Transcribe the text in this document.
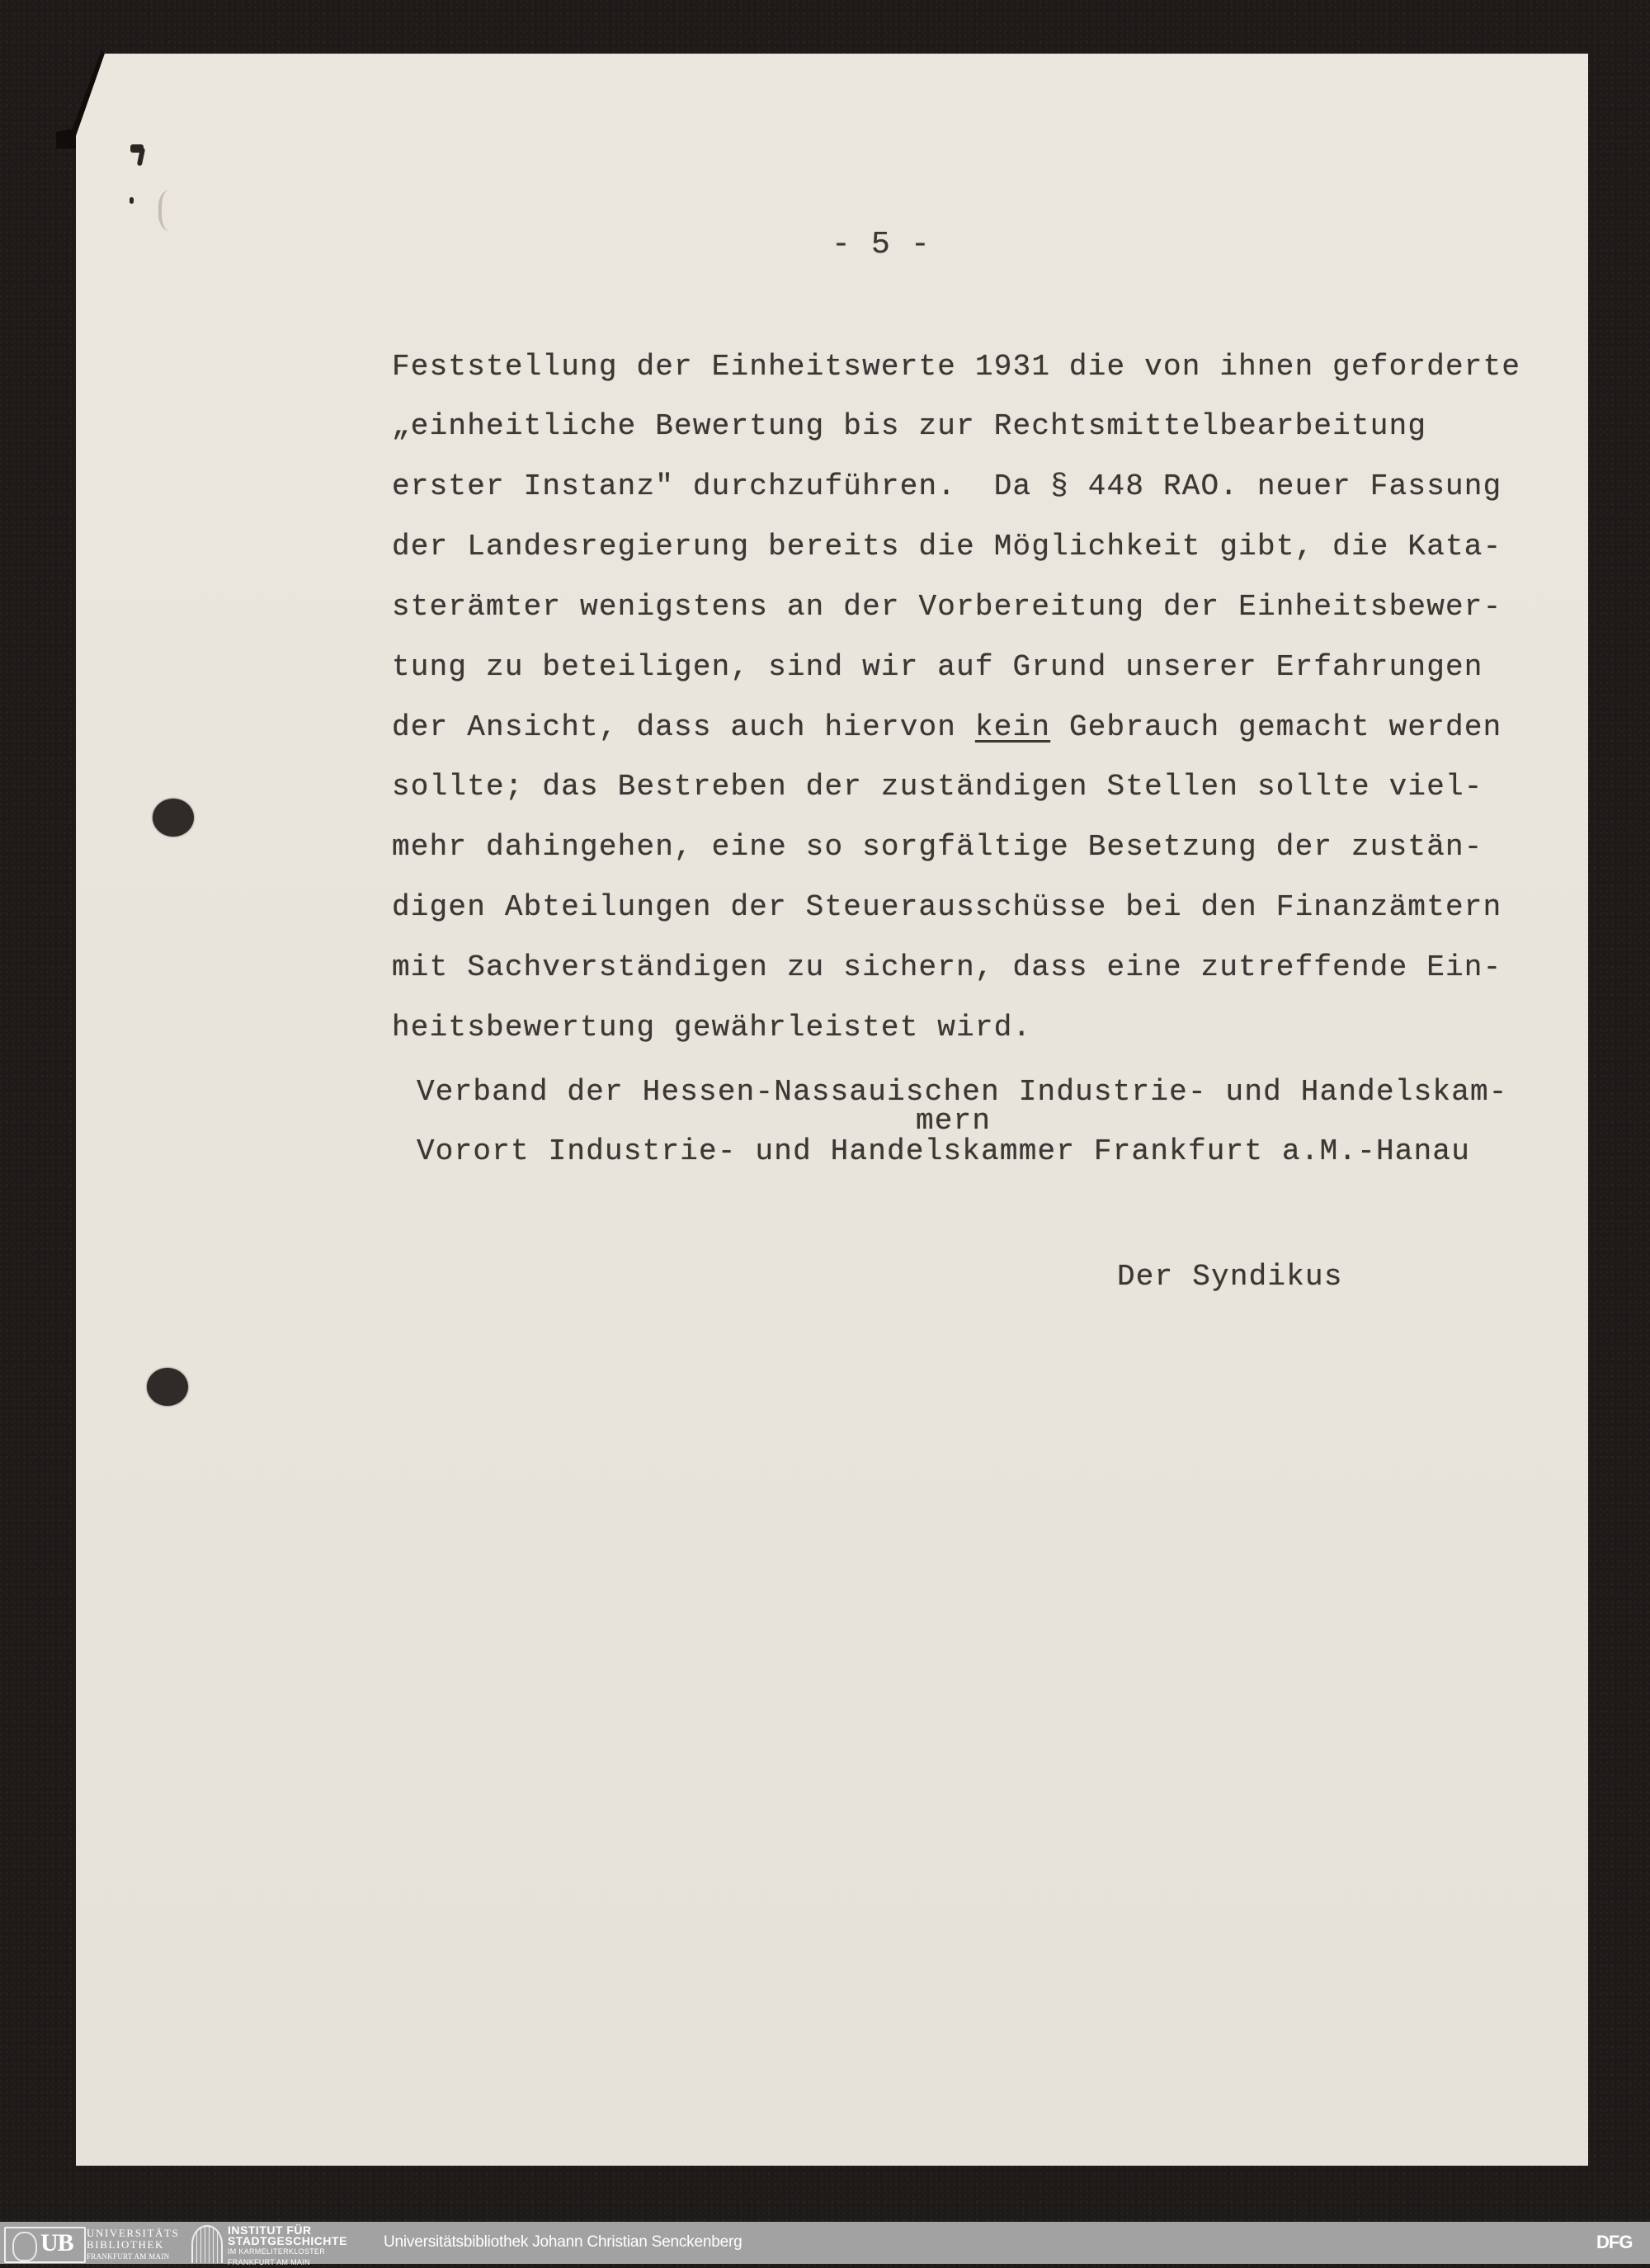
- 5 -
Feststellung der Einheitswerte 1931 die von ihnen geforderte
„einheitliche Bewertung bis zur Rechtsmittelbearbeitung
erster Instanz" durchzuführen.  Da § 448 RAO. neuer Fassung
der Landesregierung bereits die Möglichkeit gibt, die Kata-
sterämter wenigstens an der Vorbereitung der Einheitsbewer-
tung zu beteiligen, sind wir auf Grund unserer Erfahrungen
der Ansicht, dass auch hiervon kein Gebrauch gemacht werden
sollte; das Bestreben der zuständigen Stellen sollte viel-
mehr dahingehen, eine so sorgfältige Besetzung der zustän-
digen Abteilungen der Steuerausschüsse bei den Finanzämtern
mit Sachverständigen zu sichern, dass eine zutreffende Ein-
heitsbewertung gewährleistet wird.
Verband der Hessen-Nassauischen Industrie- und Handelskam-
mern
Vorort Industrie- und Handelskammer Frankfurt a.M.-Hanau
Der Syndikus
UB UNIVERSITÄTS
BIBLIOTHEK
FRANKFURT AM MAIN
INSTITUT FÜR
STADTGESCHICHTE
IM KARMELITERKLOSTER
FRANKFURT AM MAIN
Universitätsbibliothek Johann Christian Senckenberg	DFG
